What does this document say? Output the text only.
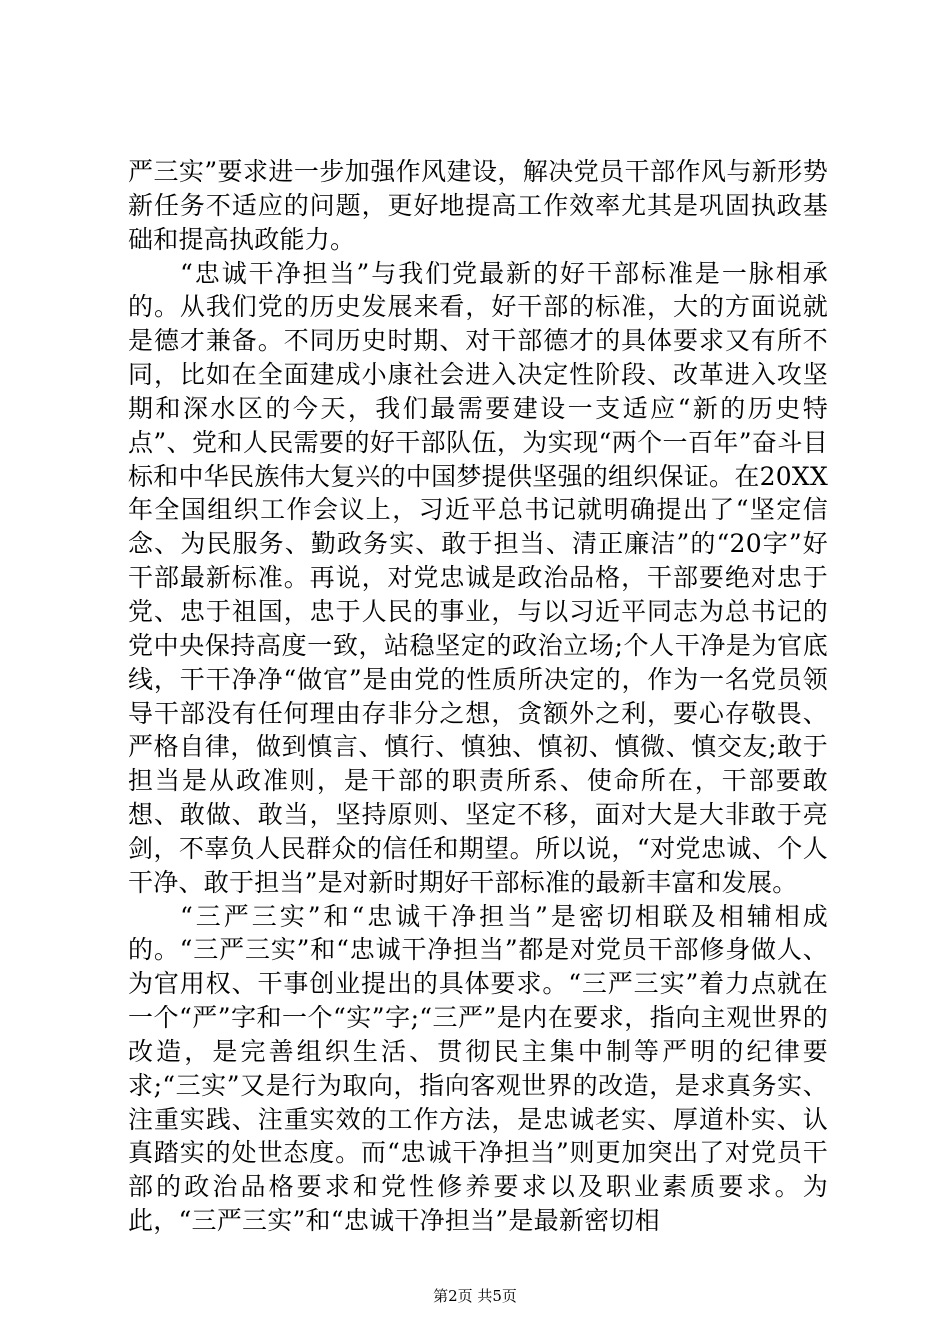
严三实”要求进一步加强作风建设，解决党员干部作风与新形势新任务不适应的问题，更好地提高工作效率尤其是巩固执政基础和提高执政能力。

“忠诚干净担当”与我们党最新的好干部标准是一脉相承的。从我们党的历史发展来看，好干部的标准，大的方面说就是德才兼备。不同历史时期、对干部德才的具体要求又有所不同，比如在全面建成小康社会进入决定性阶段、改革进入攻坚期和深水区的今天，我们最需要建设一支适应“新的历史特点”、党和人民需要的好干部队伍，为实现“两个一百年”奋斗目标和中华民族伟大复兴的中国梦提供坚强的组织保证。在20XX年全国组织工作会议上，习近平总书记就明确提出了“坚定信念、为民服务、勤政务实、敢于担当、清正廉洁”的“20字”好干部最新标准。再说，对党忠诚是政治品格，干部要绝对忠于党、忠于祖国，忠于人民的事业，与以习近平同志为总书记的党中央保持高度一致，站稳坚定的政治立场;个人干净是为官底线，干干净净“做官”是由党的性质所决定的，作为一名党员领导干部没有任何理由存非分之想，贪额外之利，要心存敬畏、严格自律，做到慎言、慎行、慎独、慎初、慎微、慎交友;敢于担当是从政准则，是干部的职责所系、使命所在，干部要敢想、敢做、敢当，坚持原则、坚定不移，面对大是大非敢于亮剑，不辜负人民群众的信任和期望。所以说，“对党忠诚、个人干净、敢于担当”是对新时期好干部标准的最新丰富和发展。

“三严三实”和“忠诚干净担当”是密切相联及相辅相成的。“三严三实”和“忠诚干净担当”都是对党员干部修身做人、为官用权、干事创业提出的具体要求。“三严三实”着力点就在一个“严”字和一个“实”字;“三严”是内在要求，指向主观世界的改造，是完善组织生活、贯彻民主集中制等严明的纪律要求;“三实”又是行为取向，指向客观世界的改造，是求真务实、注重实践、注重实效的工作方法，是忠诚老实、厚道朴实、认真踏实的处世态度。而“忠诚干净担当”则更加突出了对党员干部的政治品格要求和党性修养要求以及职业素质要求。为此，“三严三实”和“忠诚干净担当”是最新密切相

第2页 共5页
